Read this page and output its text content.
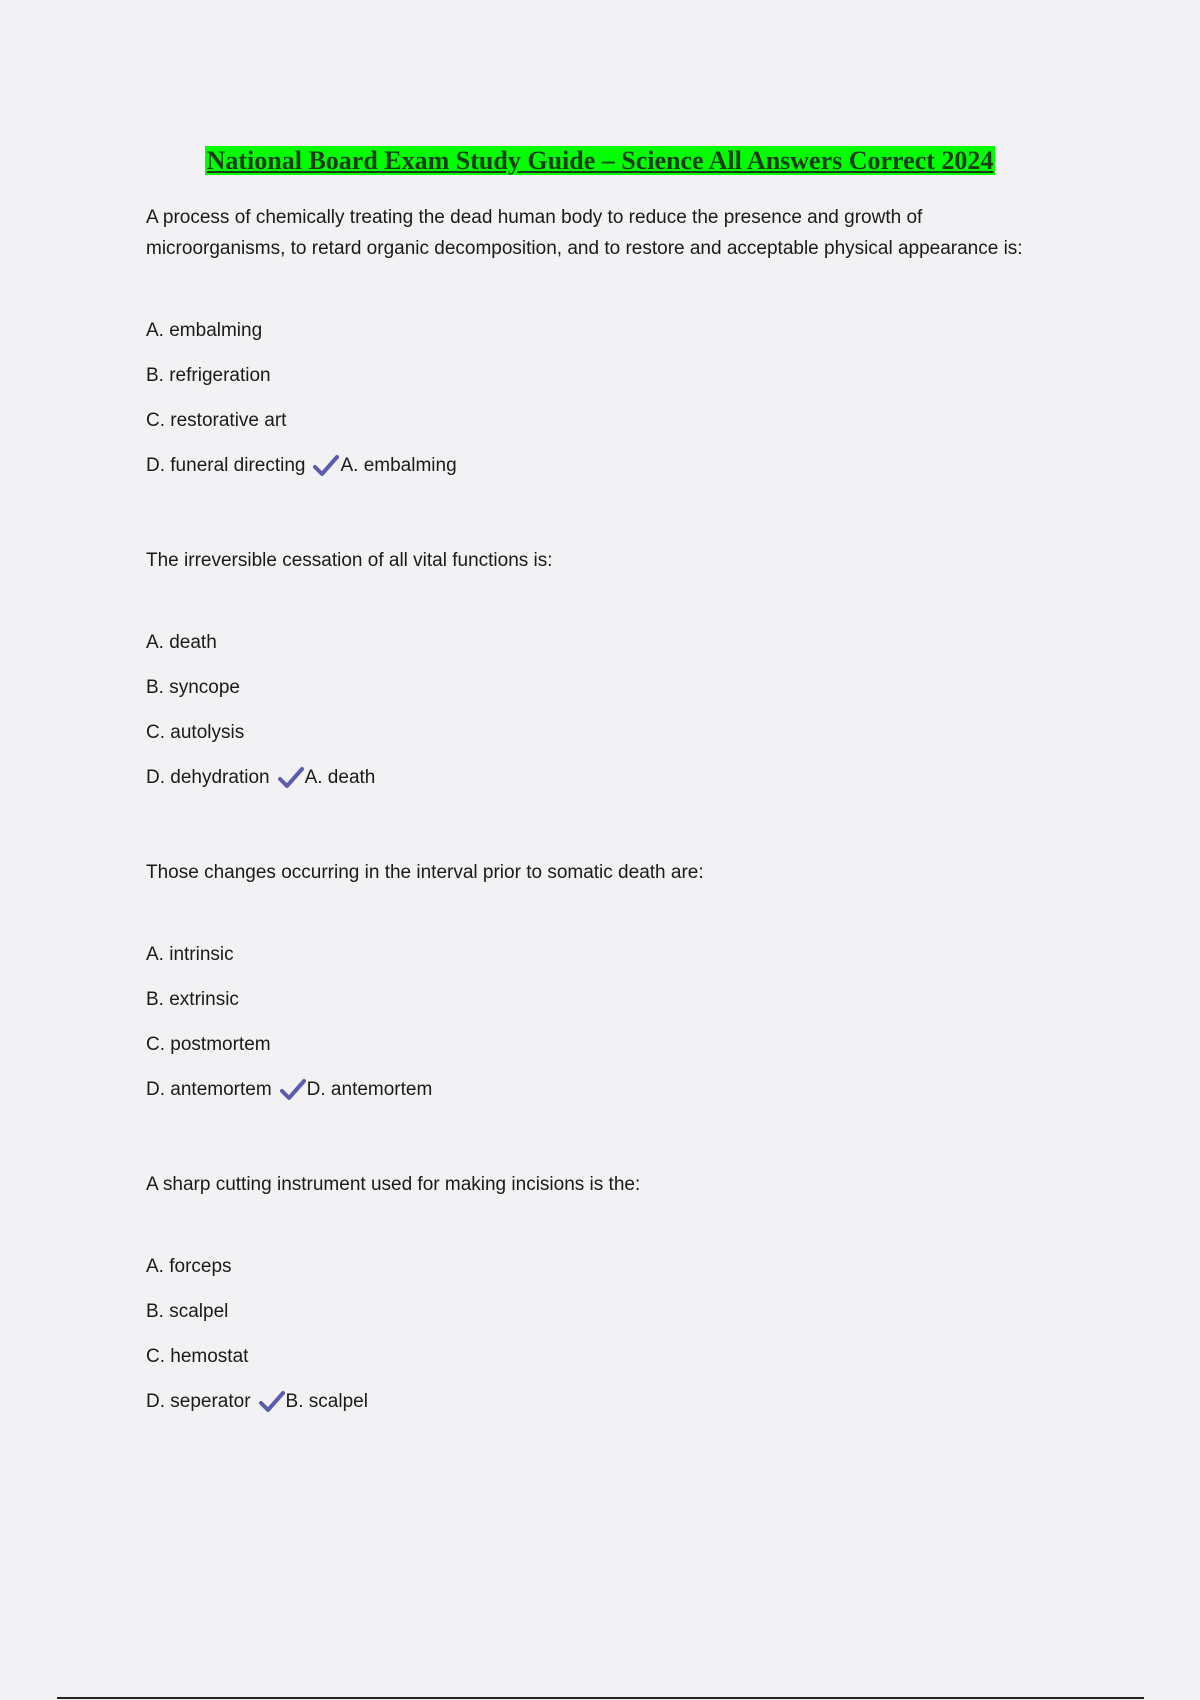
National Board Exam Study Guide – Science All Answers Correct 2024

A process of chemically treating the dead human body to reduce the presence and growth of microorganisms, to retard organic decomposition, and to restore and acceptable physical appearance is:

A. embalming
B. refrigeration
C. restorative art
D. funeral directing A. embalming

The irreversible cessation of all vital functions is:

A. death
B. syncope
C. autolysis
D. dehydration A. death

Those changes occurring in the interval prior to somatic death are:

A. intrinsic
B. extrinsic
C. postmortem
D. antemortem D. antemortem

A sharp cutting instrument used for making incisions is the:

A. forceps
B. scalpel
C. hemostat
D. seperator B. scalpel
